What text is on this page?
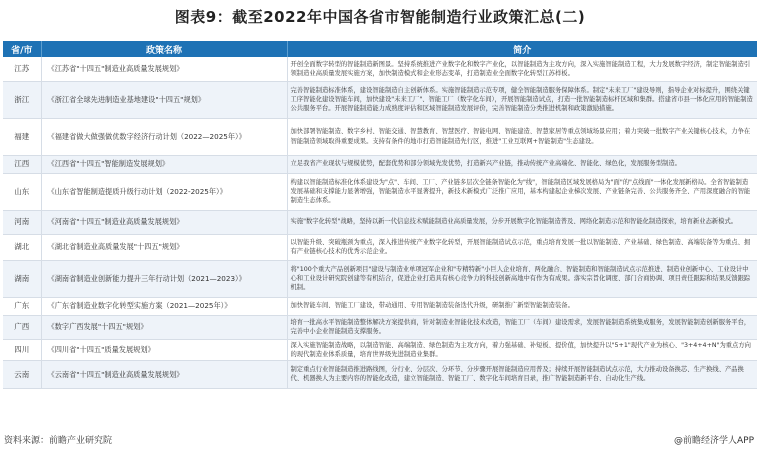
图表9：截至2022年中国各省市智能制造行业政策汇总(二)
省/市	政策名称	简介
江苏	《江苏省"十四五"制造业高质量发展规划》	开创全面数字转型的智能制造新图景。坚持系统推进产业数字化和数字产业化，以智能制造为主攻方向，深入实施智能制造工程，大力发展数字经济，制定智能制造引领制造业高质量发展实施方案，加快制造模式和企业形态变革，打造制造业全面数字化转型江苏样板。
浙江	《浙江省全球先进制造业基地建设"十四五"规划》	完善智能制造标准体系，建设智能制造自主创新体系。实施智能制造示范专项，健全智能制造服务保障体系。制定"未来工厂"建设导则，指导企业对标提升，围绕关键工序智能化建设智能车间，加快建设"未来工厂"、智能工厂（数字化车间），开展智能制造试点，打造一批智能制造标杆区域和集群。搭建省市县一体化应用的智能制造公共服务平台。开展智能制造能力成熟度评估和区域智能制造发展评价，完善智能制造分类推进机制和政策激励措施。
福建	《福建省做大做强做优数字经济行动计划（2022—2025年）》	加快部署智能制造、数字乡村、智能交通、智慧教育、智慧医疗、智能电网、智能建造、智慧家居等重点领域场景应用；着力突破一批数字产业关键核心技术，力争在智能制造领域取得重要成果。支持有条件的地市打造智能制造先行区，推进"工业互联网+智能制造"生态建设。
江西	《江西省"十四五"智能制造发展规划》	立足我省产业现状与规模优势，配套优势和部分领域先发优势，打造新兴产业链，推动传统产业高端化、智能化、绿色化，发展服务型制造。
山东	《山东省智能制造提质升级行动计划（2022-2025年）》	构建以智能制造标准化体系建设为"点"、车间、工厂、产业链多层次全链条智能化为"线"，智能制造区域发展格局为"面"的"点线面"一体化发展新格局。全省智能制造发展基础和支撑能力显著增强，智能制造水平显著提升，新技术新模式广泛推广应用，基本构建起企业梯次发展、产业链条完善、公共服务齐全、产用深度融合的智能制造生态体系。
河南	《河南省"十四五"制造业高质量发展规划》	实施"数字化转型"战略，坚持以新一代信息技术赋能制造业高质量发展，分步开展数字化智能制造普及、网络化制造示范和智能化制造探索，培育新业态新模式。
湖北	《湖北省制造业高质量发展"十四五"规划》	以智能升级、突破瓶颈为重点，深入推进传统产业数字化转型，开展智能制造试点示范，重点培育发展一批以智能制造、产业基础、绿色制造、高端装备等为重点、拥有产业链核心技术的优秀示范企业。
湖南	《湖南省制造业创新能力提升三年行动计划（2021—2023）》	将"100个重大产品创新项目"建设与制造业单项冠军企业和"专精特新"小巨人企业培育、两化融合、智能制造和智能制造试点示范推进、制造业创新中心、工业设计中心和工业设计研究院创建等有机结合，促进企业打造具有核心竞争力的科技创新高地中有作为有成果。落实宗旨化调度、部门合商协调、项目责任跟踪和结果反馈跟踪机制。
广东	《广东省制造业数字化转型实施方案（2021—2025年）》	加快智能车间、智能工厂建设，带动通用、专用智能制造装备迭代升级，研制推广新型智能制造装备。
广西	《数字广西发展"十四五"规划》	培育一批高水平智能制造整体解决方案提供商，针对制造业智能化技术改造，智能工厂（车间）建设需求，发展智能制造系统集成服务，发展智能制造创新服务平台，完善中小企业智能制造支撑服务。
四川	《四川省"十四五"质量发展规划》	深入实施智能制造战略，以制造智能、高端制造、绿色制造为主攻方向，着力强基础、补短板、提价值，加快提升以"5+1"现代产业为核心、"3+4+4+N"为重点方向的现代制造业体系质量，培育世界级先进制造业集群。
云南	《云南省"十四五"制造业高质量发展规划》	制定重点行业智能制造推进路线图，分行业、分层次、分环节、分步骤开展智能制造应用普及；持续开展智能制造试点示范，大力推动设备换芯、生产换线、产品换代、机器换人为主要内容的智能化改造，建立智能制造、智能工厂、数字化车间培育目录，推广智能制造新平台、自动化生产线。
资料来源：前瞻产业研究院	@前瞻经济学人APP
